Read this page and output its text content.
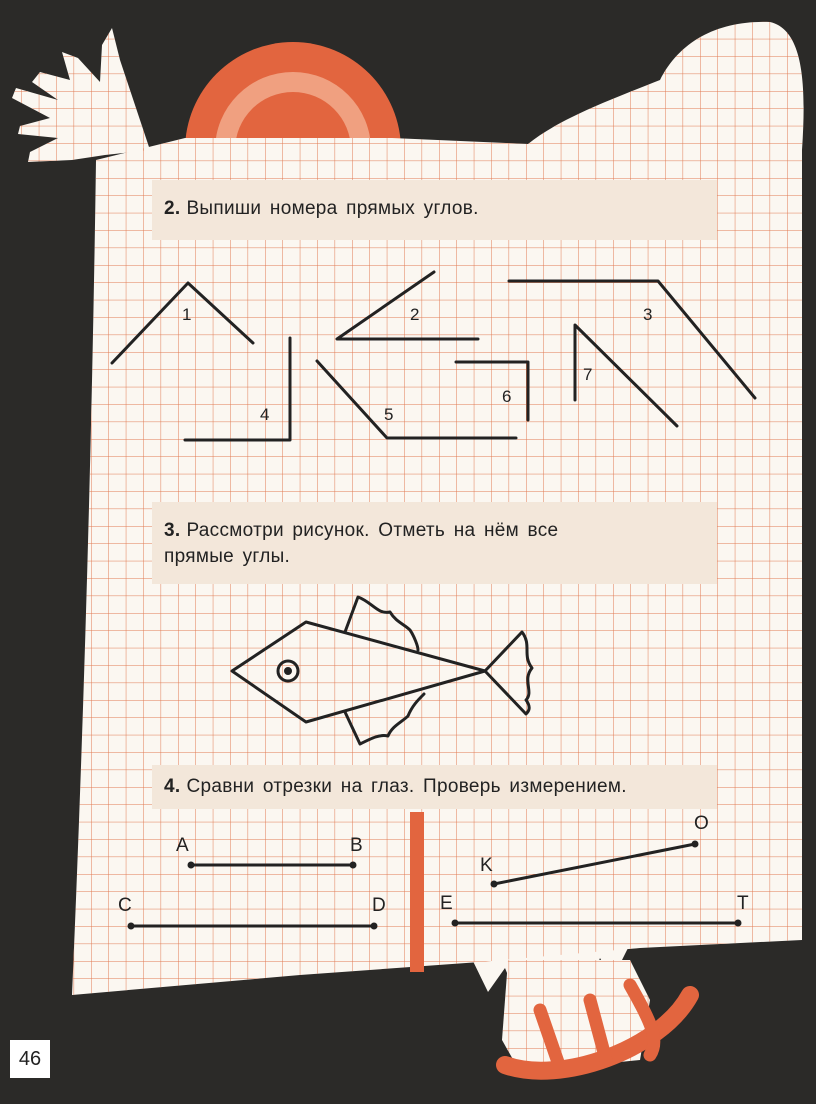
2. Выпиши номера прямых углов.
1	2	3
4	5
6
7
3. Рассмотри рисунок. Отметь на нём все
прямые углы.
4. Сравни отрезки на глаз. Проверь измерением.
A	B
C	D
K
O
E	T
46
